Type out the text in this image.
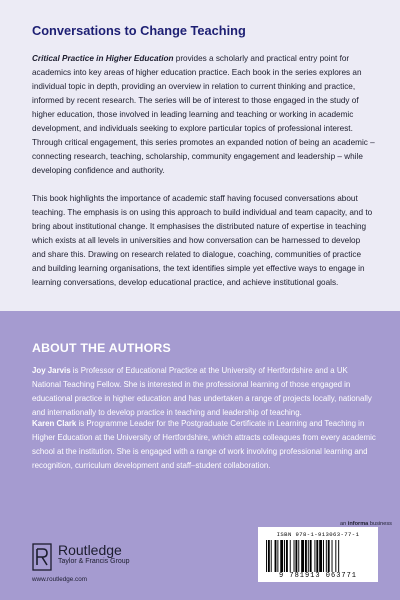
Conversations to Change Teaching

Critical Practice in Higher Education provides a scholarly and practical entry point for academics into key areas of higher education practice. Each book in the series explores an individual topic in depth, providing an overview in relation to current thinking and practice, informed by recent research. The series will be of interest to those engaged in the study of higher education, those involved in leading learning and teaching or working in academic development, and individuals seeking to explore particular topics of professional interest. Through critical engagement, this series promotes an expanded notion of being an academic – connecting research, teaching, scholarship, community engagement and leadership – while developing confidence and authority.

This book highlights the importance of academic staff having focused conversations about teaching. The emphasis is on using this approach to build individual and team capacity, and to bring about institutional change. It emphasises the distributed nature of expertise in teaching which exists at all levels in universities and how conversation can be harnessed to develop and share this. Drawing on research related to dialogue, coaching, communities of practice and building learning organisations, the text identifies simple yet effective ways to engage in learning conversations, develop educational practice, and achieve institutional goals.

ABOUT THE AUTHORS

Joy Jarvis is Professor of Educational Practice at the University of Hertfordshire and a UK National Teaching Fellow. She is interested in the professional learning of those engaged in educational practice in higher education and has undertaken a range of projects locally, nationally and internationally to develop practice in teaching and leadership of teaching.

Karen Clark is Programme Leader for the Postgraduate Certificate in Learning and Teaching in Higher Education at the University of Hertfordshire, which attracts colleagues from every academic school at the institution. She is engaged with a range of work involving professional learning and recognition, curriculum development and staff–student collaboration.

an informa business
ISBN 978-1-913063-77-1
9 781913 063771
Routledge
Taylor & Francis Group
www.routledge.com
